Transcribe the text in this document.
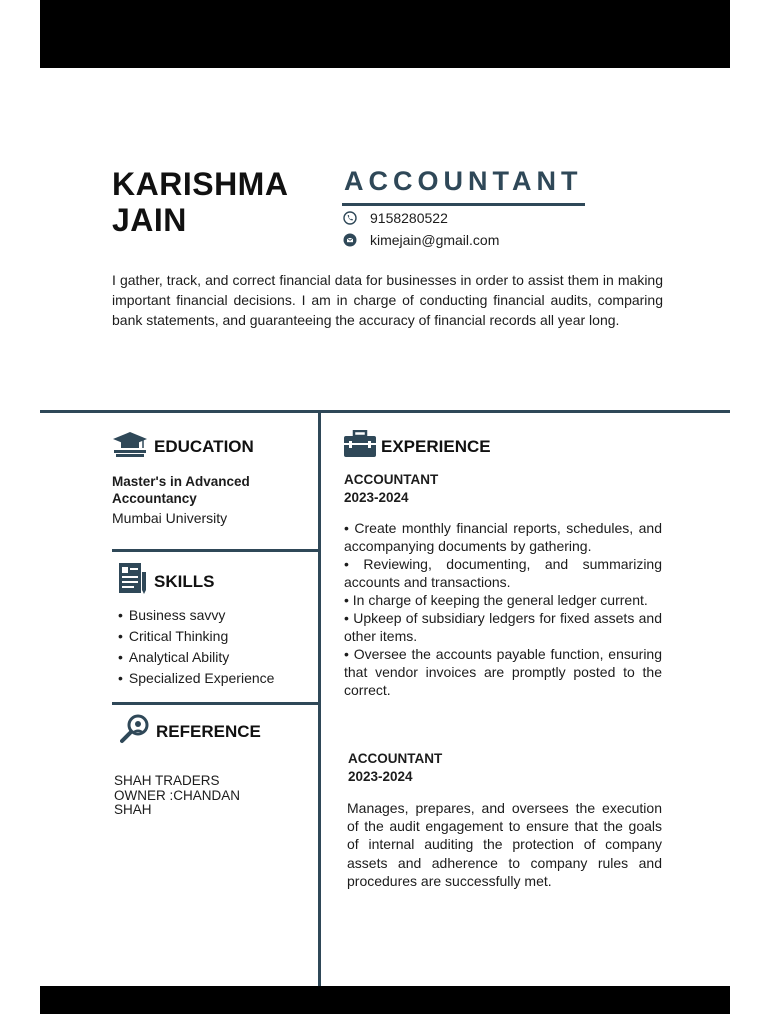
KARISHMA
JAIN
ACCOUNTANT
9158280522
kimejain@gmail.com

I gather, track, and correct financial data for businesses in order to assist them in making important financial decisions. I am in charge of conducting financial audits, comparing bank statements, and guaranteeing the accuracy of financial records all year long.

EDUCATION

Master's in Advanced Accountancy

Mumbai University
SKILLS
• Business savvy
• Critical Thinking
• Analytical Ability
• Specialized Experience
REFERENCE
SHAH TRADERS
OWNER :CHANDAN
SHAH
EXPERIENCE
ACCOUNTANT
2023-2024
• Create monthly financial reports, schedules, and accompanying documents by gathering.
• Reviewing, documenting, and summarizing accounts and transactions.
• In charge of keeping the general ledger current.
• Upkeep of subsidiary ledgers for fixed assets and other items.
• Oversee the accounts payable function, ensuring that vendor invoices are promptly posted to the correct.
ACCOUNTANT
2023-2024

Manages, prepares, and oversees the execution of the audit engagement to ensure that the goals of internal auditing the protection of company assets and adherence to company rules and procedures are successfully met.
